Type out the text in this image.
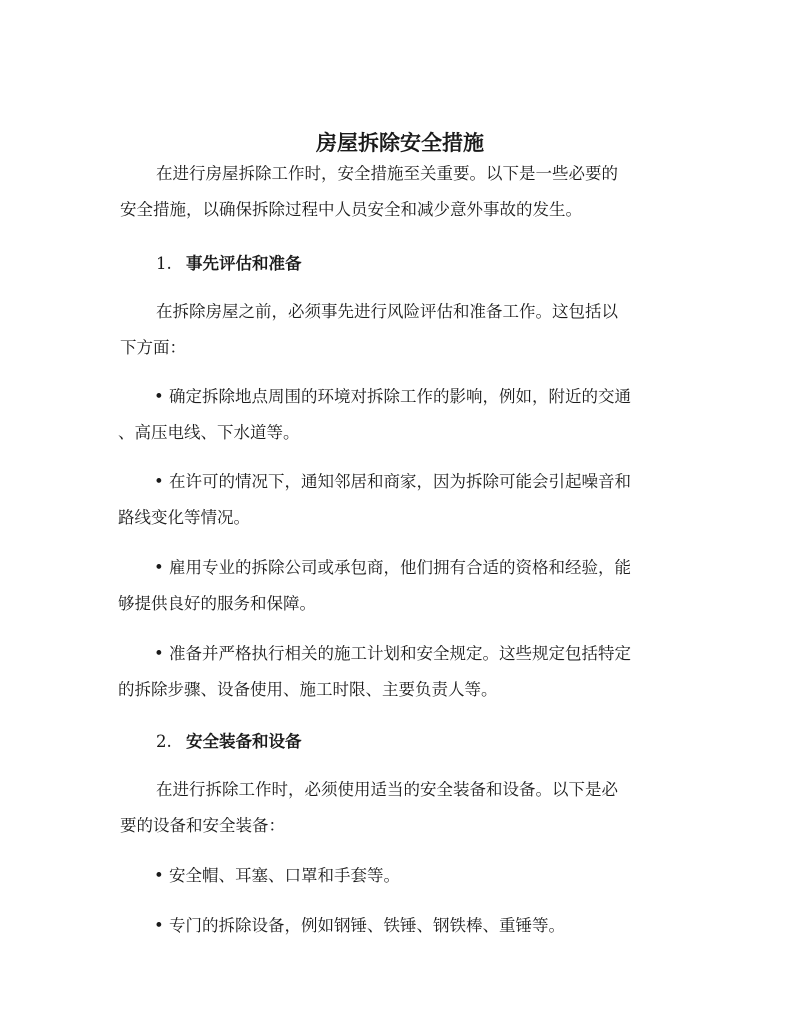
房屋拆除安全措施
在进行房屋拆除工作时，安全措施至关重要。以下是一些必要的
安全措施，以确保拆除过程中人员安全和减少意外事故的发生。
1. 事先评估和准备
在拆除房屋之前，必须事先进行风险评估和准备工作。这包括以
下方面：
• 确定拆除地点周围的环境对拆除工作的影响，例如，附近的交通
、高压电线、下水道等。
• 在许可的情况下，通知邻居和商家，因为拆除可能会引起噪音和
路线变化等情况。
• 雇用专业的拆除公司或承包商，他们拥有合适的资格和经验，能
够提供良好的服务和保障。
• 准备并严格执行相关的施工计划和安全规定。这些规定包括特定
的拆除步骤、设备使用、施工时限、主要负责人等。
2. 安全装备和设备
在进行拆除工作时，必须使用适当的安全装备和设备。以下是必
要的设备和安全装备：
• 安全帽、耳塞、口罩和手套等。
• 专门的拆除设备，例如钢锤、铁锤、钢铁棒、重锤等。
